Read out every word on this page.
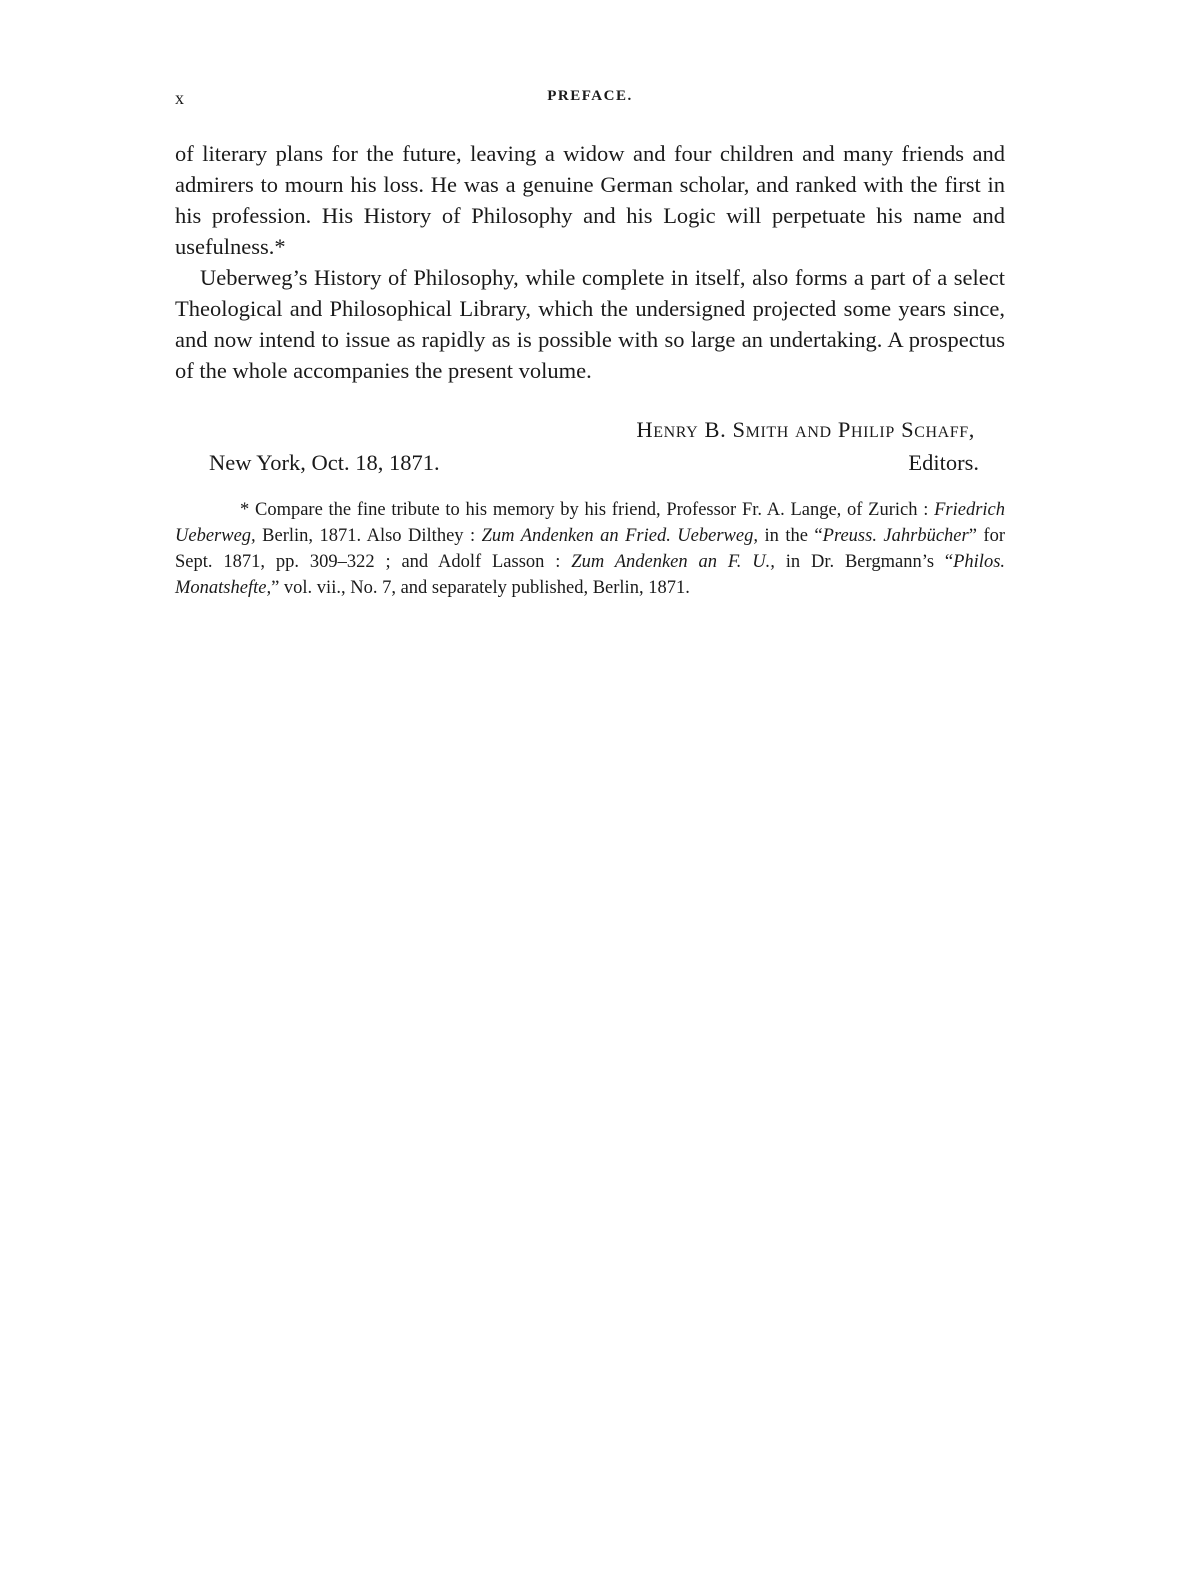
x	PREFACE.

of literary plans for the future, leaving a widow and four children and many friends and admirers to mourn his loss. He was a genuine German scholar, and ranked with the first in his profession. His History of Philosophy and his Logic will perpetuate his name and usefulness.*

Ueberweg’s History of Philosophy, while complete in itself, also forms a part of a select Theological and Philosophical Library, which the undersigned projected some years since, and now intend to issue as rapidly as is possible with so large an undertaking. A prospectus of the whole accompanies the present volume.

Henry B. Smith and Philip Schaff,
New York, Oct. 18, 1871.	Editors.

* Compare the fine tribute to his memory by his friend, Professor Fr. A. Lange, of Zurich : Friedrich Ueberweg, Berlin, 1871. Also Dilthey : Zum Andenken an Fried. Ueberweg, in the “Preuss. Jahrbücher” for Sept. 1871, pp. 309–322 ; and Adolf Lasson : Zum Andenken an F. U., in Dr. Bergmann’s “Philos. Monatshefte,” vol. vii., No. 7, and separately published, Berlin, 1871.
